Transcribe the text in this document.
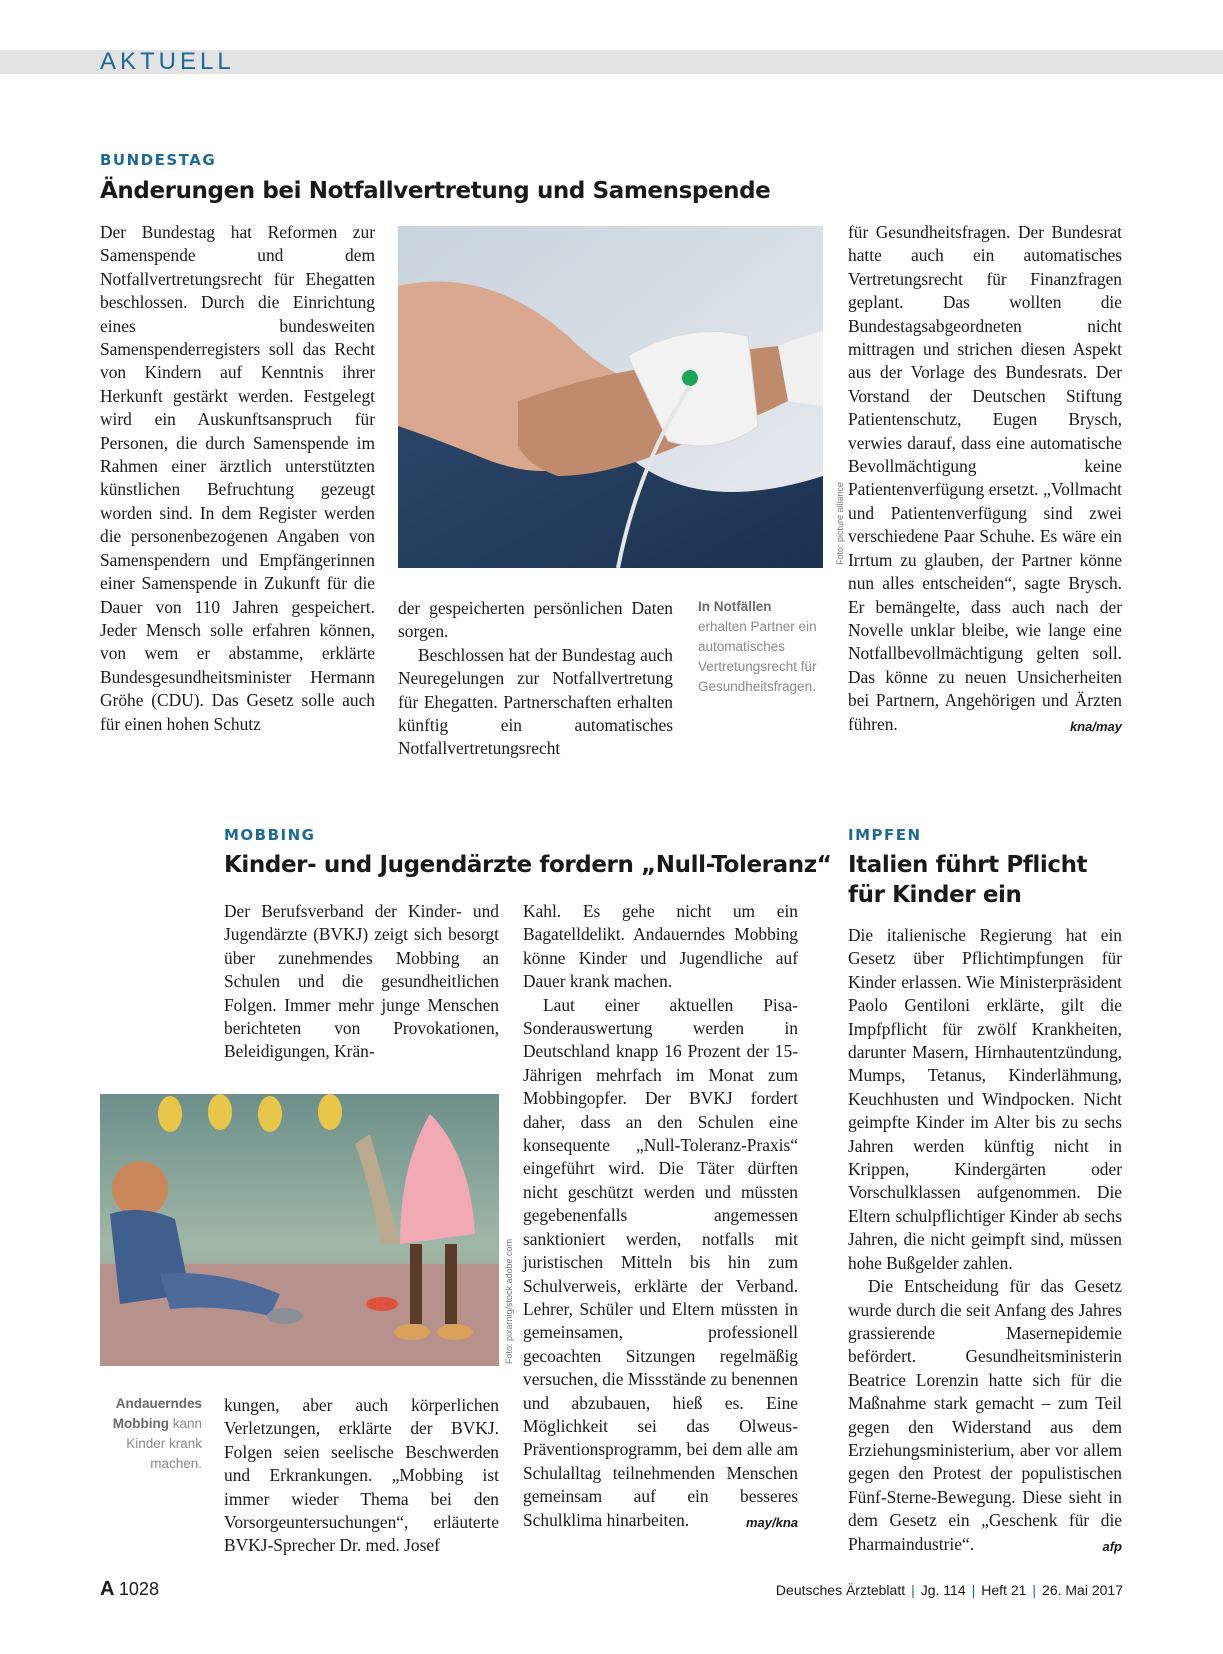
AKTUELL
BUNDESTAG
Änderungen bei Notfallvertretung und Samenspende

Der Bundestag hat Reformen zur Samenspende und dem Notfallvertretungsrecht für Ehegatten beschlossen. Durch die Einrichtung eines bundesweiten Samenspenderregisters soll das Recht von Kindern auf Kenntnis ihrer Herkunft gestärkt werden. Festgelegt wird ein Auskunftsanspruch für Personen, die durch Samenspende im Rahmen einer ärztlich unterstützten künstlichen Befruchtung gezeugt worden sind. In dem Register werden die personenbezogenen Angaben von Samenspendern und Empfängerinnen einer Samenspende in Zukunft für die Dauer von 110 Jahren gespeichert. Jeder Mensch solle erfahren können, von wem er abstamme, erklärte Bundesgesundheitsminister Hermann Gröhe (CDU). Das Gesetz solle auch für einen hohen Schutz

Foto: picture alliance

der gespeicherten persönlichen Daten sorgen.

Beschlossen hat der Bundestag auch Neuregelungen zur Notfallvertretung für Ehegatten. Partnerschaften erhalten künftig ein automatisches Notfallvertretungsrecht

In Notfällen erhalten Partner ein automatisches Vertretungsrecht für Gesundheitsfragen.

für Gesundheitsfragen. Der Bundesrat hatte auch ein automatisches Vertretungsrecht für Finanzfragen geplant. Das wollten die Bundestagsabgeordneten nicht mittragen und strichen diesen Aspekt aus der Vorlage des Bundesrats. Der Vorstand der Deutschen Stiftung Patientenschutz, Eugen Brysch, verwies darauf, dass eine automatische Bevollmächtigung keine Patientenverfügung ersetzt. „Vollmacht und Patientenverfügung sind zwei verschiedene Paar Schuhe. Es wäre ein Irrtum zu glauben, der Partner könne nun alles entscheiden“, sagte Brysch. Er bemängelte, dass auch nach der Novelle unklar bleibe, wie lange eine Notfallbevollmächtigung gelten soll. Das könne zu neuen Unsicherheiten bei Partnern, Angehörigen und Ärzten führen.	kna/may

MOBBING
Kinder- und Jugendärzte fordern „Null-Toleranz“

Der Berufsverband der Kinder- und Jugendärzte (BVKJ) zeigt sich besorgt über zunehmendes Mobbing an Schulen und die gesundheitlichen Folgen. Immer mehr junge Menschen berichteten von Provokationen, Beleidigungen, Krän-

Foto: pixarnig/stock.adobe.com
Andauerndes Mobbing kann Kinder krank machen.

kungen, aber auch körperlichen Verletzungen, erklärte der BVKJ. Folgen seien seelische Beschwerden und Erkrankungen. „Mobbing ist immer wieder Thema bei den Vorsorgeuntersuchungen“, erläuterte BVKJ-Sprecher Dr. med. Josef

Kahl. Es gehe nicht um ein Bagatelldelikt. Andauerndes Mobbing könne Kinder und Jugendliche auf Dauer krank machen.

Laut einer aktuellen Pisa-Sonderauswertung werden in Deutschland knapp 16 Prozent der 15-Jährigen mehrfach im Monat zum Mobbingopfer. Der BVKJ fordert daher, dass an den Schulen eine konsequente „Null-Toleranz-Praxis“ eingeführt wird. Die Täter dürften nicht geschützt werden und müssten gegebenenfalls angemessen sanktioniert werden, notfalls mit juristischen Mitteln bis hin zum Schulverweis, erklärte der Verband. Lehrer, Schüler und Eltern müssten in gemeinsamen, professionell gecoachten Sitzungen regelmäßig versuchen, die Missstände zu benennen und abzubauen, hieß es. Eine Möglichkeit sei das Olweus-Präventionsprogramm, bei dem alle am Schulalltag teilnehmenden Menschen gemeinsam auf ein besseres Schulklima hinarbeiten.	may/kna

IMPFEN
Italien führt Pflicht
für Kinder ein

Die italienische Regierung hat ein Gesetz über Pflichtimpfungen für Kinder erlassen. Wie Ministerpräsident Paolo Gentiloni erklärte, gilt die Impfpflicht für zwölf Krankheiten, darunter Masern, Hirnhautentzündung, Mumps, Tetanus, Kinderlähmung, Keuchhusten und Windpocken. Nicht geimpfte Kinder im Alter bis zu sechs Jahren werden künftig nicht in Krippen, Kindergärten oder Vorschulklassen aufgenommen. Die Eltern schulpflichtiger Kinder ab sechs Jahren, die nicht geimpft sind, müssen hohe Bußgelder zahlen.

Die Entscheidung für das Gesetz wurde durch die seit Anfang des Jahres grassierende Masernepidemie befördert. Gesundheitsministerin Beatrice Lorenzin hatte sich für die Maßnahme stark gemacht – zum Teil gegen den Widerstand aus dem Erziehungsministerium, aber vor allem gegen den Protest der populistischen Fünf-Sterne-Bewegung. Diese sieht in dem Gesetz ein „Geschenk für die Pharmaindustrie“.	afp

A 1028	Deutsches Ärzteblatt | Jg. 114 | Heft 21 | 26. Mai 2017
